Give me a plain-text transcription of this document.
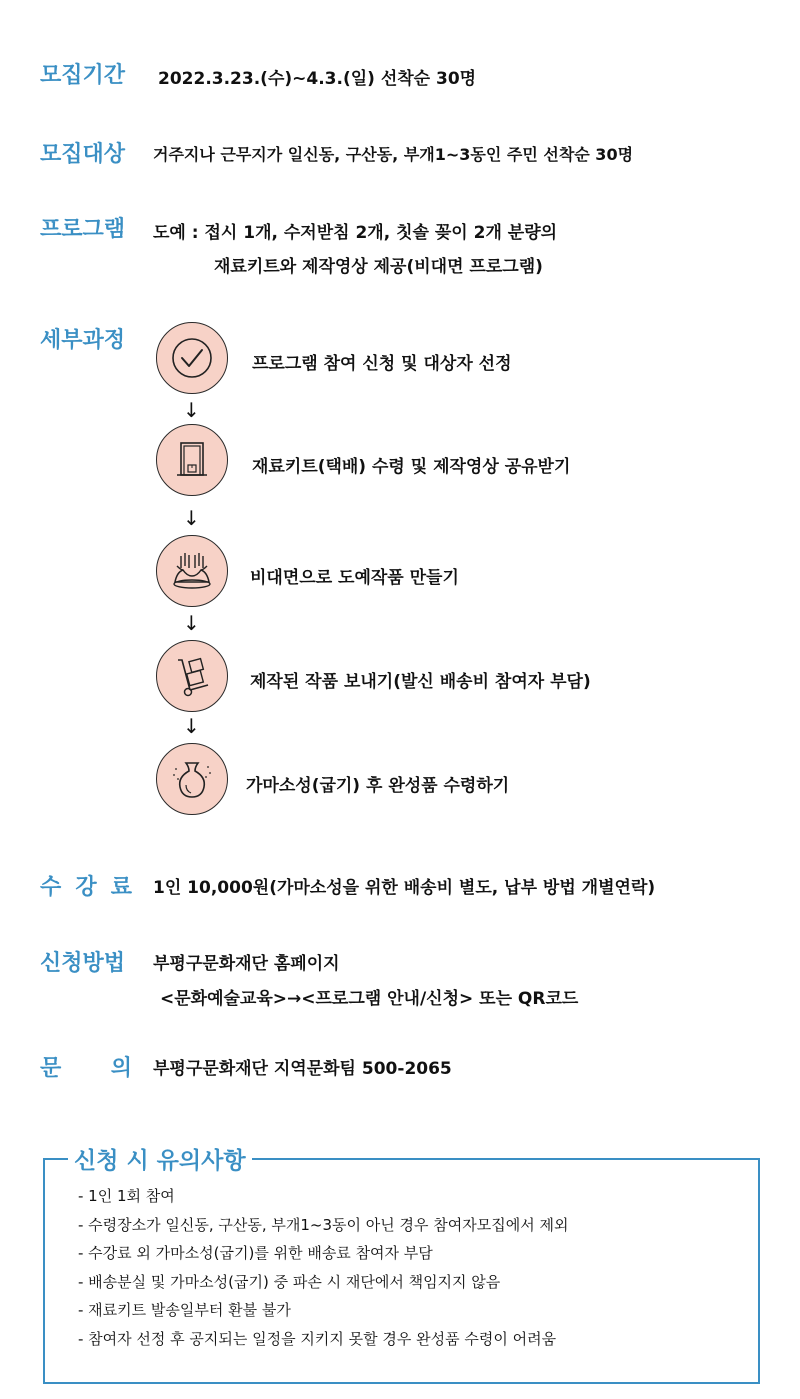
모집기간 2022.3.23.(수)~4.3.(일) 선착순 30명
모집대상 거주지나 근무지가 일신동, 구산동, 부개1~3동인 주민 선착순 30명
프로그램 도예 : 접시 1개, 수저받침 2개, 칫솔 꽂이 2개 분량의
재료키트와 제작영상 제공(비대면 프로그램)
세부과정
프로그램 참여 신청 및 대상자 선정
↓
재료키트(택배) 수령 및 제작영상 공유받기
↓
비대면으로 도예작품 만들기
↓
제작된 작품 보내기(발신 배송비 참여자 부담)
↓
가마소성(굽기) 후 완성품 수령하기
수 강 료 1인 10,000원(가마소성을 위한 배송비 별도, 납부 방법 개별연락)
신청방법 부평구문화재단 홈페이지
<문화예술교육>→<프로그램 안내/신청> 또는 QR코드
문 의 부평구문화재단 지역문화팀 500-2065
신청 시 유의사항
- 1인 1회 참여
- 수령장소가 일신동, 구산동, 부개1~3동이 아닌 경우 참여자모집에서 제외
- 수강료 외 가마소성(굽기)를 위한 배송료 참여자 부담
- 배송분실 및 가마소성(굽기) 중 파손 시 재단에서 책임지지 않음
- 재료키트 발송일부터 환불 불가
- 참여자 선정 후 공지되는 일정을 지키지 못할 경우 완성품 수령이 어려움
